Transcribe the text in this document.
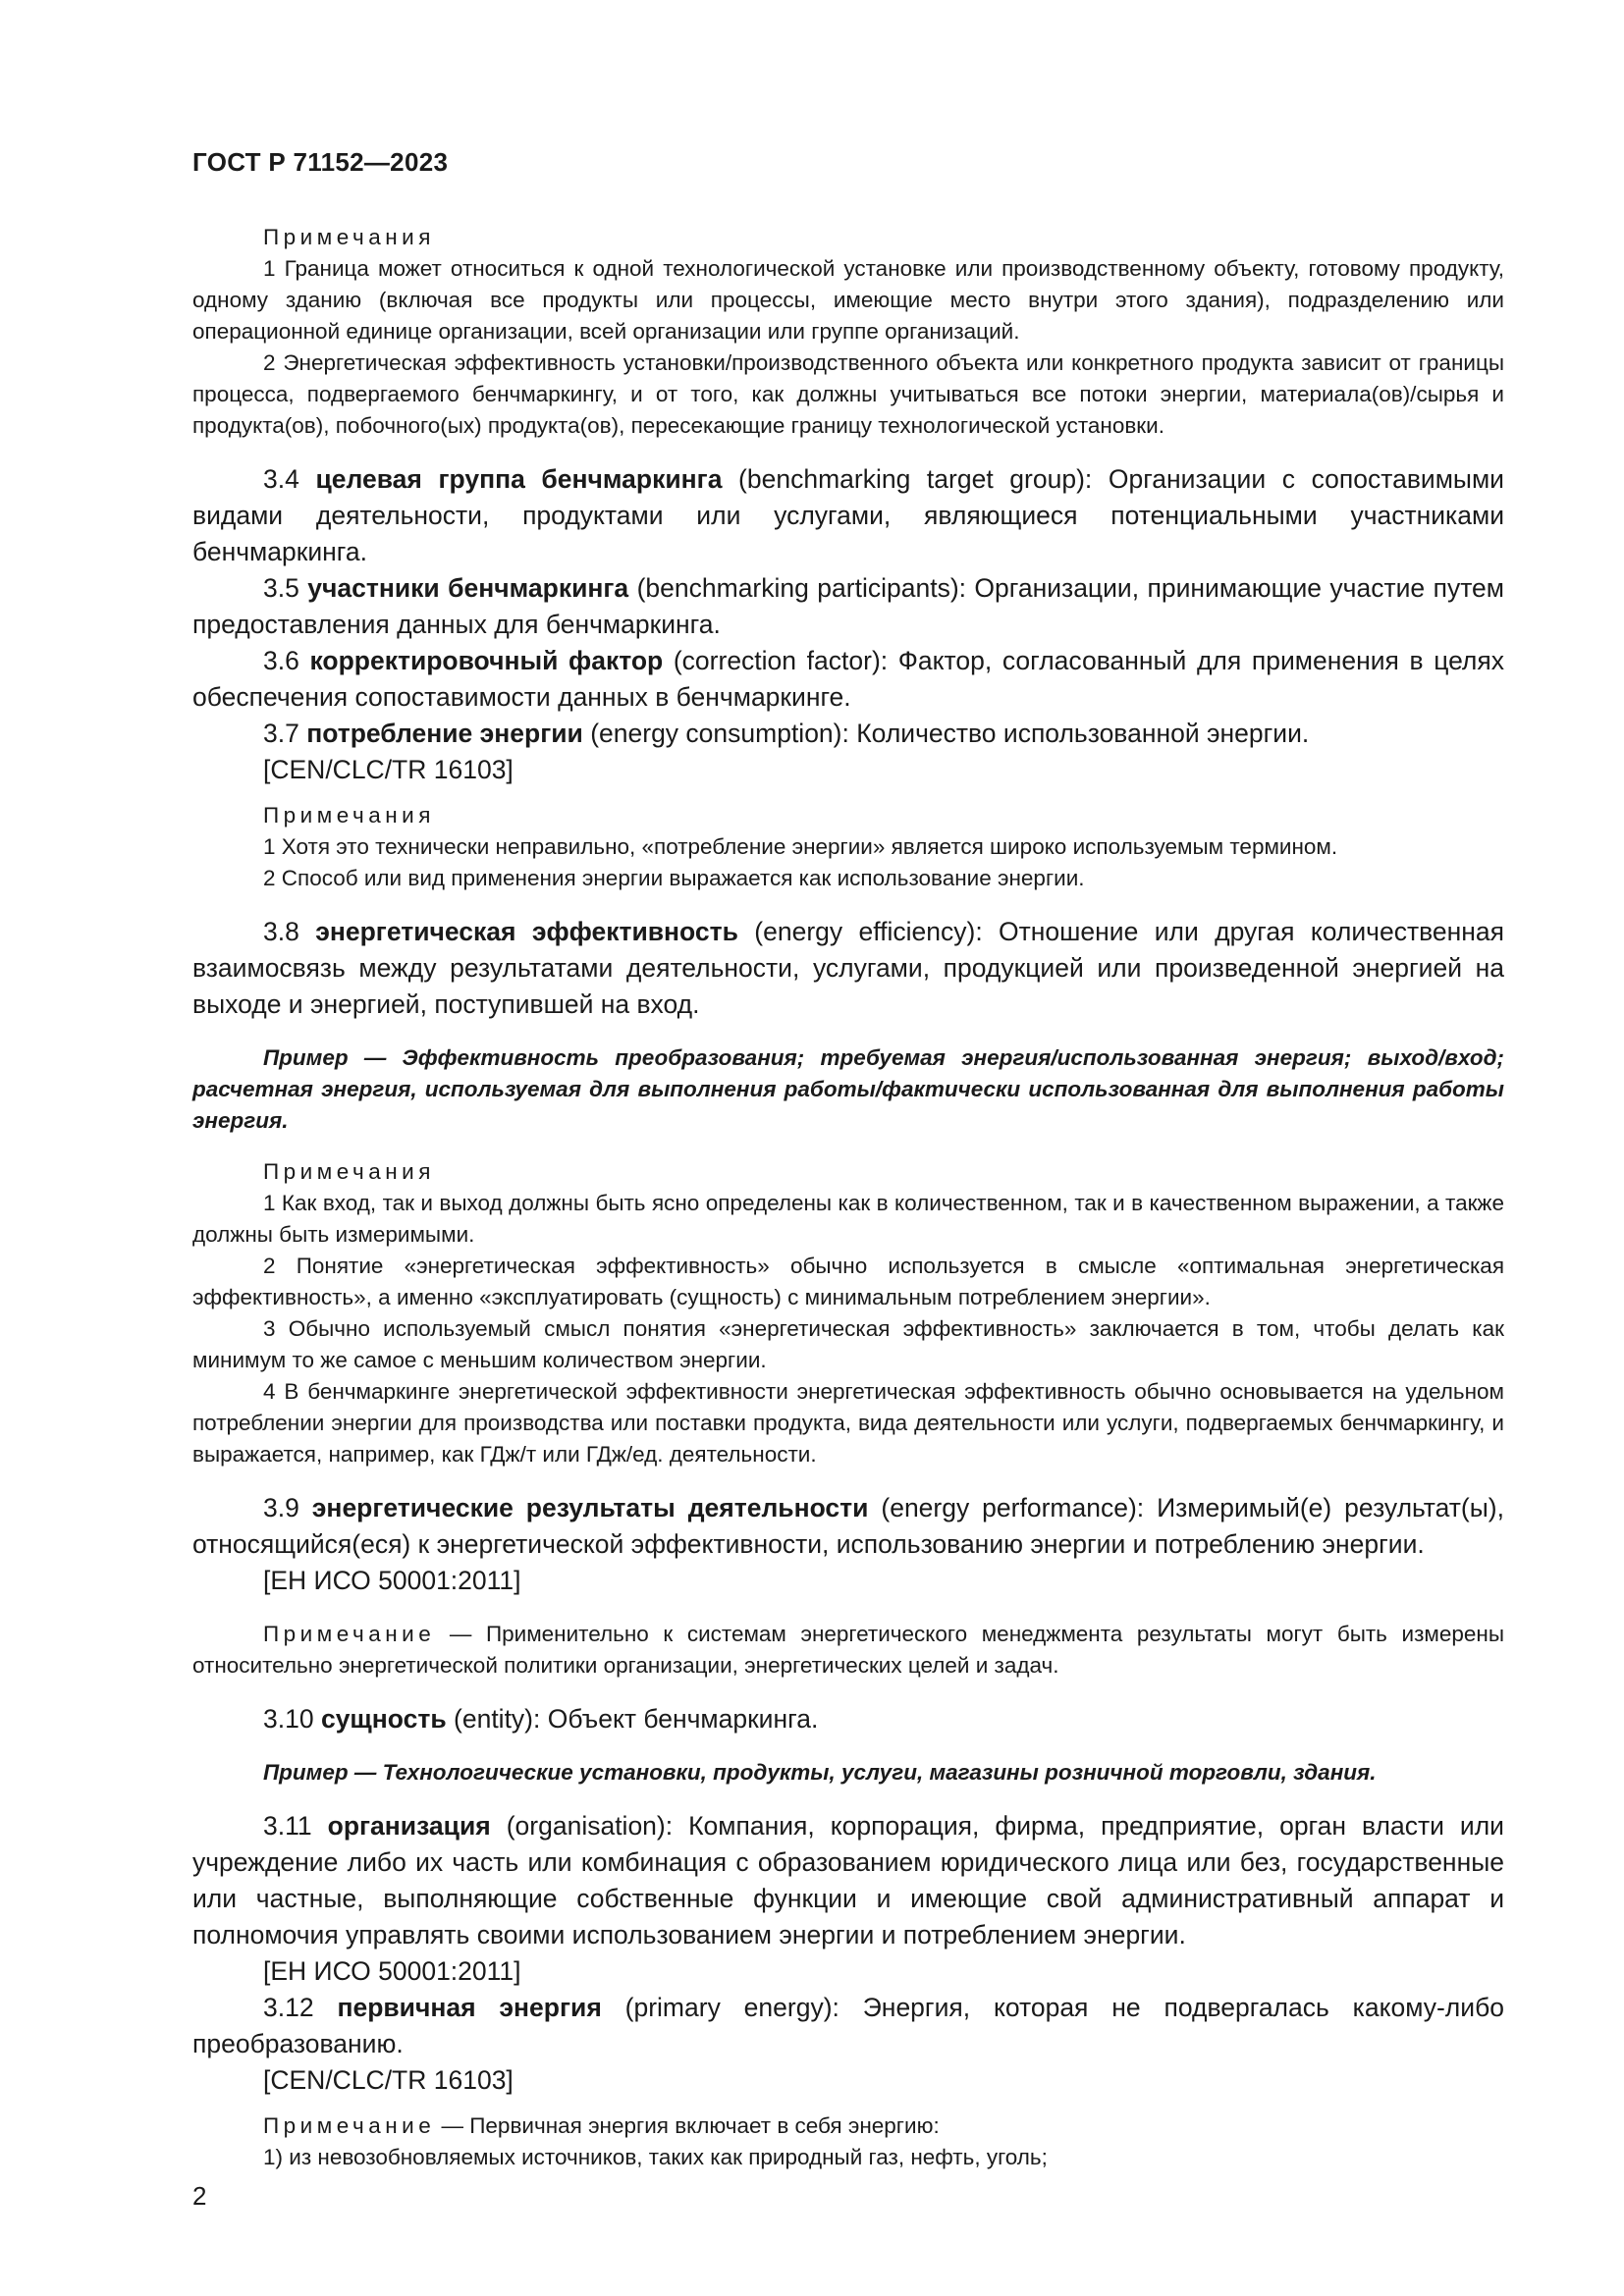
ГОСТ Р 71152—2023

Примечания

1 Граница может относиться к одной технологической установке или производственному объекту, готовому продукту, одному зданию (включая все продукты или процессы, имеющие место внутри этого здания), подразделению или операционной единице организации, всей организации или группе организаций.

2 Энергетическая эффективность установки/производственного объекта или конкретного продукта зависит от границы процесса, подвергаемого бенчмаркингу, и от того, как должны учитываться все потоки энергии, материала(ов)/сырья и продукта(ов), побочного(ых) продукта(ов), пересекающие границу технологической установки.

3.4 целевая группа бенчмаркинга (benchmarking target group): Организации с сопоставимыми видами деятельности, продуктами или услугами, являющиеся потенциальными участниками бенчмаркинга.

3.5 участники бенчмаркинга (benchmarking participants): Организации, принимающие участие путем предоставления данных для бенчмаркинга.

3.6 корректировочный фактор (correction factor): Фактор, согласованный для применения в целях обеспечения сопоставимости данных в бенчмаркинге.

3.7 потребление энергии (energy consumption): Количество использованной энергии.

[CEN/CLC/TR 16103]

Примечания

1 Хотя это технически неправильно, «потребление энергии» является широко используемым термином.

2 Способ или вид применения энергии выражается как использование энергии.

3.8 энергетическая эффективность (energy efficiency): Отношение или другая количественная взаимосвязь между результатами деятельности, услугами, продукцией или произведенной энергией на выходе и энергией, поступившей на вход.

Пример — Эффективность преобразования; требуемая энергия/использованная энергия; выход/вход; расчетная энергия, используемая для выполнения работы/фактически использованная для выполнения работы энергия.

Примечания

1 Как вход, так и выход должны быть ясно определены как в количественном, так и в качественном выражении, а также должны быть измеримыми.

2 Понятие «энергетическая эффективность» обычно используется в смысле «оптимальная энергетическая эффективность», а именно «эксплуатировать (сущность) с минимальным потреблением энергии».

3 Обычно используемый смысл понятия «энергетическая эффективность» заключается в том, чтобы делать как минимум то же самое с меньшим количеством энергии.

4 В бенчмаркинге энергетической эффективности энергетическая эффективность обычно основывается на удельном потреблении энергии для производства или поставки продукта, вида деятельности или услуги, подвергаемых бенчмаркингу, и выражается, например, как ГДж/т или ГДж/ед. деятельности.

3.9 энергетические результаты деятельности (energy performance): Измеримый(е) результат(ы), относящийся(еся) к энергетической эффективности, использованию энергии и потреблению энергии.

[ЕН ИСО 50001:2011]

Примечание — Применительно к системам энергетического менеджмента результаты могут быть измерены относительно энергетической политики организации, энергетических целей и задач.

3.10 сущность (entity): Объект бенчмаркинга.

Пример — Технологические установки, продукты, услуги, магазины розничной торговли, здания.

3.11 организация (organisation): Компания, корпорация, фирма, предприятие, орган власти или учреждение либо их часть или комбинация с образованием юридического лица или без, государственные или частные, выполняющие собственные функции и имеющие свой административный аппарат и полномочия управлять своими использованием энергии и потреблением энергии.

[ЕН ИСО 50001:2011]

3.12 первичная энергия (primary energy): Энергия, которая не подвергалась какому-либо преобразованию.

[CEN/CLC/TR 16103]

Примечание — Первичная энергия включает в себя энергию:

1) из невозобновляемых источников, таких как природный газ, нефть, уголь;

2
